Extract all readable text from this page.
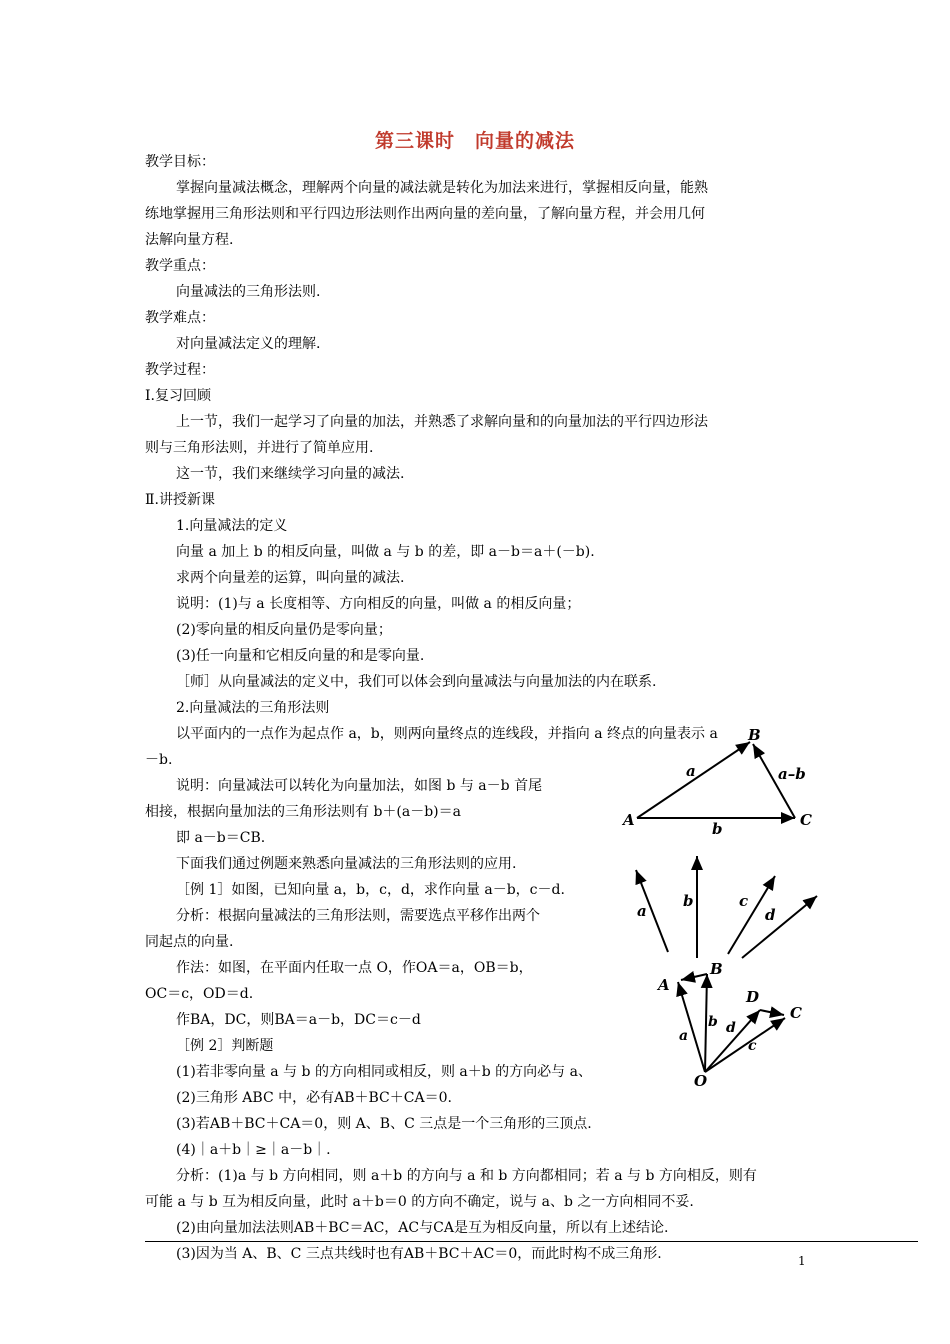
第三课时　向量的减法
教学目标：
掌握向量减法概念，理解两个向量的减法就是转化为加法来进行，掌握相反向量，能熟
练地掌握用三角形法则和平行四边形法则作出两向量的差向量，了解向量方程，并会用几何
法解向量方程.
教学重点：
向量减法的三角形法则.
教学难点：
对向量减法定义的理解.
教学过程：
Ⅰ.复习回顾
上一节，我们一起学习了向量的加法，并熟悉了求解向量和的向量加法的平行四边形法
则与三角形法则，并进行了简单应用.
这一节，我们来继续学习向量的减法.
Ⅱ.讲授新课
1.向量减法的定义
向量 a 加上 b 的相反向量，叫做 a 与 b 的差，即 a－b＝a＋(－b).
求两个向量差的运算，叫向量的减法.
说明：(1)与 a 长度相等、方向相反的向量，叫做 a 的相反向量；
(2)零向量的相反向量仍是零向量；
(3)任一向量和它相反向量的和是零向量.
［师］从向量减法的定义中，我们可以体会到向量减法与向量加法的内在联系.
2.向量减法的三角形法则
以平面内的一点作为起点作 a，b，则两向量终点的连线段，并指向 a 终点的向量表示 a
－b.
说明：向量减法可以转化为向量加法，如图 b 与 a－b 首尾
相接，根据向量加法的三角形法则有 b＋(a－b)＝a
即 a－b＝CB.
下面我们通过例题来熟悉向量减法的三角形法则的应用.
［例 1］如图，已知向量 a，b，c，d，求作向量 a－b，c－d.
分析：根据向量减法的三角形法则，需要选点平移作出两个
同起点的向量.
作法：如图，在平面内任取一点 O，作OA＝a，OB＝b，
OC＝c，OD＝d.
作BA，DC，则BA＝a－b，DC＝c－d
［例 2］判断题
(1)若非零向量 a 与 b 的方向相同或相反，则 a＋b 的方向必与 a、
(2)三角形 ABC 中，必有AB＋BC＋CA＝0.
(3)若AB＋BC＋CA＝0，则 A、B、C 三点是一个三角形的三顶点.
(4)｜a＋b｜≥｜a－b｜.
分析：(1)a 与 b 方向相同，则 a＋b 的方向与 a 和 b 方向都相同；若 a 与 b 方向相反，则有
可能 a 与 b 互为相反向量，此时 a＋b＝0 的方向不确定，说与 a、b 之一方向相同不妥.
(2)由向量加法法则AB＋BC＝AC，AC与CA是互为相反向量，所以有上述结论.
(3)因为当 A、B、C 三点共线时也有AB＋BC＋AC＝0，而此时构不成三角形.
A
B
C
a
b
a–b
a
b	c
d
A
B
C
D
O
a
b d
c
1
